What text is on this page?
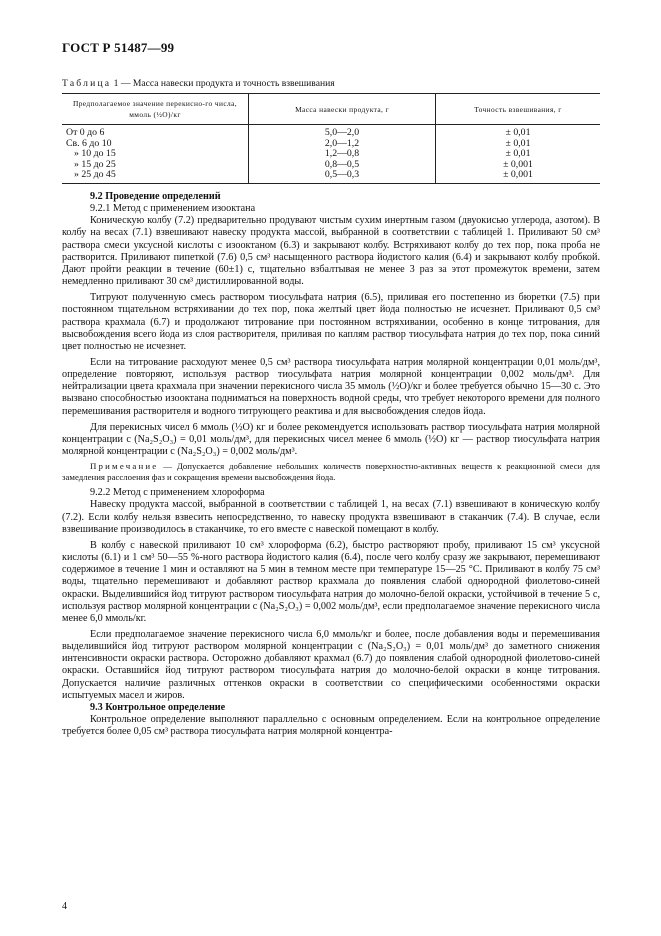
ГОСТ Р 51487—99
Таблица 1 — Масса навески продукта и точность взвешивания
Предполагаемое значение перекисно-го числа, ммоль (½O)/кг	Масса навески продукта, г	Точность взвешивания, г
От 0 до 6	5,0—2,0	± 0,01
Св. 6 до 10	2,0—1,2	± 0,01
» 10 до 15	1,2—0,8	± 0,01
» 15 до 25	0,8—0,5	± 0,001
» 25 до 45	0,5—0,3	± 0,001
9.2 Проведение определений

9.2.1 Метод с применением изооктана

Коническую колбу (7.2) предварительно продувают чистым сухим инертным газом (двуокисью углерода, азотом). В колбу на весах (7.1) взвешивают навеску продукта массой, выбранной в соответствии с таблицей 1. Приливают 50 см³ раствора смеси уксусной кислоты с изооктаном (6.3) и закрывают колбу. Встряхивают колбу до тех пор, пока проба не растворится. Приливают пипеткой (7.6) 0,5 см³ насыщенного раствора йодистого калия (6.4) и закрывают колбу пробкой. Дают пройти реакции в течение (60±1) с, тщательно взбалтывая не менее 3 раз за этот промежуток времени, затем немедленно приливают 30 см³ дистиллированной воды.

Титруют полученную смесь раствором тиосульфата натрия (6.5), приливая его постепенно из бюретки (7.5) при постоянном тщательном встряхивании до тех пор, пока желтый цвет йода полностью не исчезнет. Приливают 0,5 см³ раствора крахмала (6.7) и продолжают титрование при постоянном встряхивании, особенно в конце титрования, для высвобождения всего йода из слоя растворителя, приливая по каплям раствор тиосульфата натрия до тех пор, пока синий цвет полностью не исчезнет.

Если на титрование расходуют менее 0,5 см³ раствора тиосульфата натрия молярной концентрации 0,01 моль/дм³, определение повторяют, используя раствор тиосульфата натрия молярной концентрации 0,002 моль/дм³. Для нейтрализации цвета крахмала при значении перекисного числа 35 ммоль (½O)/кг и более требуется обычно 15—30 с. Это вызвано способностью изооктана подниматься на поверхность водной среды, что требует некоторого времени для полного перемешивания растворителя и водного титрующего реактива и для высвобождения следов йода.

Для перекисных чисел 6 ммоль (½O) кг и более рекомендуется использовать раствор тиосульфата натрия молярной концентрации c (Na₂S₂O₃) = 0,01 моль/дм³, для перекисных чисел менее 6 ммоль (½O) кг — раствор тиосульфата натрия молярной концентрации c (Na₂S₂O₃) = 0,002 моль/дм³.

Примечание — Допускается добавление небольших количеств поверхностно-активных веществ к реакционной смеси для замедления расслоения фаз и сокращения времени высвобождения йода.

9.2.2 Метод с применением хлороформа

Навеску продукта массой, выбранной в соответствии с таблицей 1, на весах (7.1) взвешивают в коническую колбу (7.2). Если колбу нельзя взвесить непосредственно, то навеску продукта взвешивают в стаканчик (7.4). В случае, если взвешивание производилось в стаканчике, то его вместе с навеской помещают в колбу.

В колбу с навеской приливают 10 см³ хлороформа (6.2), быстро растворяют пробу, приливают 15 см³ уксусной кислоты (6.1) и 1 см³ 50—55 %-ного раствора йодистого калия (6.4), после чего колбу сразу же закрывают, перемешивают содержимое в течение 1 мин и оставляют на 5 мин в темном месте при температуре 15—25 °С. Приливают в колбу 75 см³ воды, тщательно перемешивают и добавляют раствор крахмала до появления слабой однородной фиолетово-синей окраски. Выделившийся йод титруют раствором тиосульфата натрия до молочно-белой окраски, устойчивой в течение 5 с, используя раствор молярной концентрации c (Na₂S₂O₃) = 0,002 моль/дм³, если предполагаемое значение перекисного числа менее 6,0 ммоль/кг.

Если предполагаемое значение перекисного числа 6,0 ммоль/кг и более, после добавления воды и перемешивания выделившийся йод титруют раствором молярной концентрации c (Na₂S₂O₃) = 0,01 моль/дм³ до заметного снижения интенсивности окраски раствора. Осторожно добавляют крахмал (6.7) до появления слабой однородной фиолетово-синей окраски. Оставшийся йод титруют раствором тиосульфата натрия до молочно-белой окраски в конце титрования. Допускается наличие различных оттенков окраски в соответствии со специфическими особенностями окраски испытуемых масел и жиров.

9.3 Контрольное определение

Контрольное определение выполняют параллельно с основным определением. Если на контрольное определение требуется более 0,05 см³ раствора тиосульфата натрия молярной концентра-

4
